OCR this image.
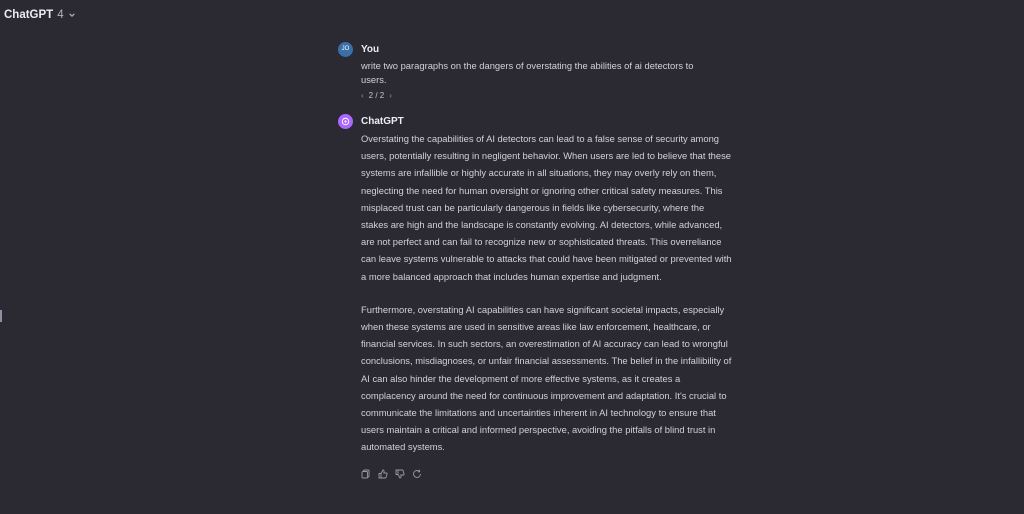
ChatGPT 4
JO	You
write two paragraphs on the dangers of overstating the abilities of ai detectors to users.
‹ 2 / 2 ›
ChatGPT

Overstating the capabilities of AI detectors can lead to a false sense of security among users, potentially resulting in negligent behavior. When users are led to believe that these systems are infallible or highly accurate in all situations, they may overly rely on them, neglecting the need for human oversight or ignoring other critical safety measures. This misplaced trust can be particularly dangerous in fields like cybersecurity, where the stakes are high and the landscape is constantly evolving. AI detectors, while advanced, are not perfect and can fail to recognize new or sophisticated threats. This overreliance can leave systems vulnerable to attacks that could have been mitigated or prevented with a more balanced approach that includes human expertise and judgment.

Furthermore, overstating AI capabilities can have significant societal impacts, especially when these systems are used in sensitive areas like law enforcement, healthcare, or financial services. In such sectors, an overestimation of AI accuracy can lead to wrongful conclusions, misdiagnoses, or unfair financial assessments. The belief in the infallibility of AI can also hinder the development of more effective systems, as it creates a complacency around the need for continuous improvement and adaptation. It's crucial to communicate the limitations and uncertainties inherent in AI technology to ensure that users maintain a critical and informed perspective, avoiding the pitfalls of blind trust in automated systems.
